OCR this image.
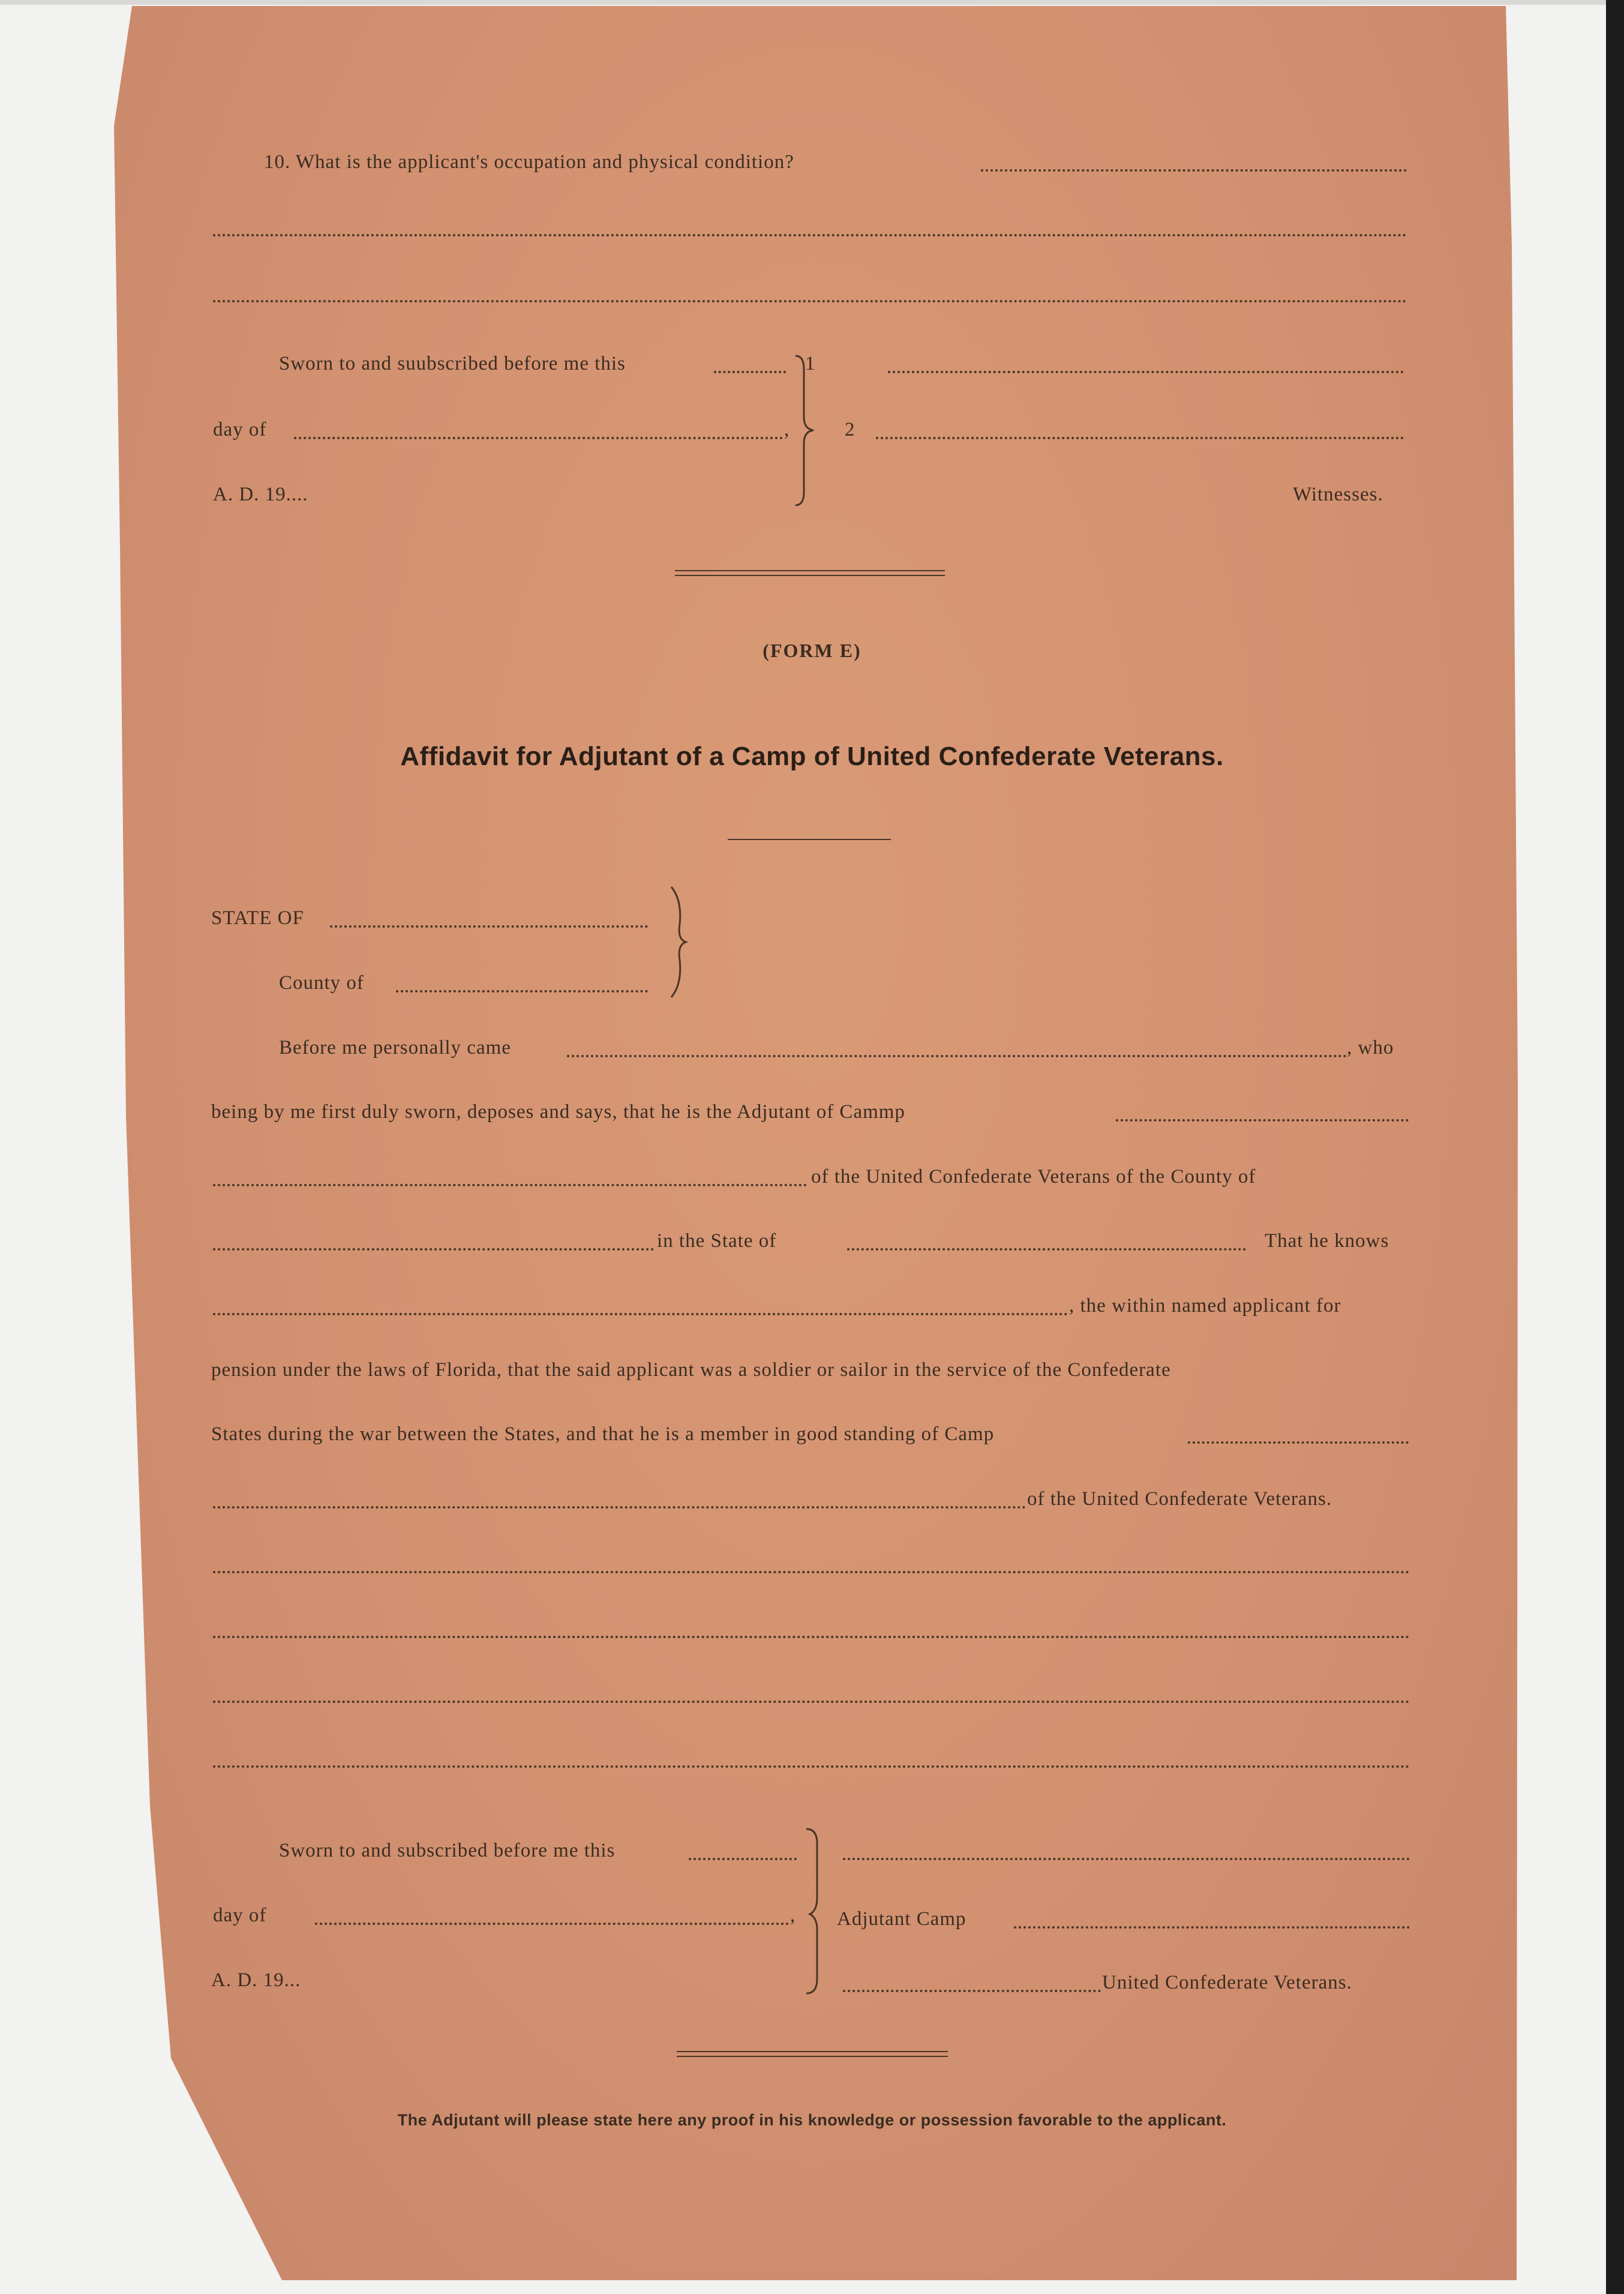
10. What is the applicant's occupation and physical condition?
Sworn to and suubscribed before me this
day of	,
A. D. 19....
1
2
Witnesses.
(FORM E)
Affidavit for Adjutant of a Camp of United Confederate Veterans.
STATE OF
County of
Before me personally came	, who
being by me first duly sworn, deposes and says, that he is the Adjutant of Cammp
of the United Confederate Veterans of the County of
in the State of	That he knows
, the within named applicant for
pension under the laws of Florida, that the said applicant was a soldier or sailor in the service of the Confederate
States during the war between the States, and that he is a member in good standing of Camp
of the United Confederate Veterans.
Sworn to and subscribed before me this
day of	,
A. D. 19...
Adjutant Camp
United Confederate Veterans.
The Adjutant will please state here any proof in his knowledge or possession favorable to the applicant.
